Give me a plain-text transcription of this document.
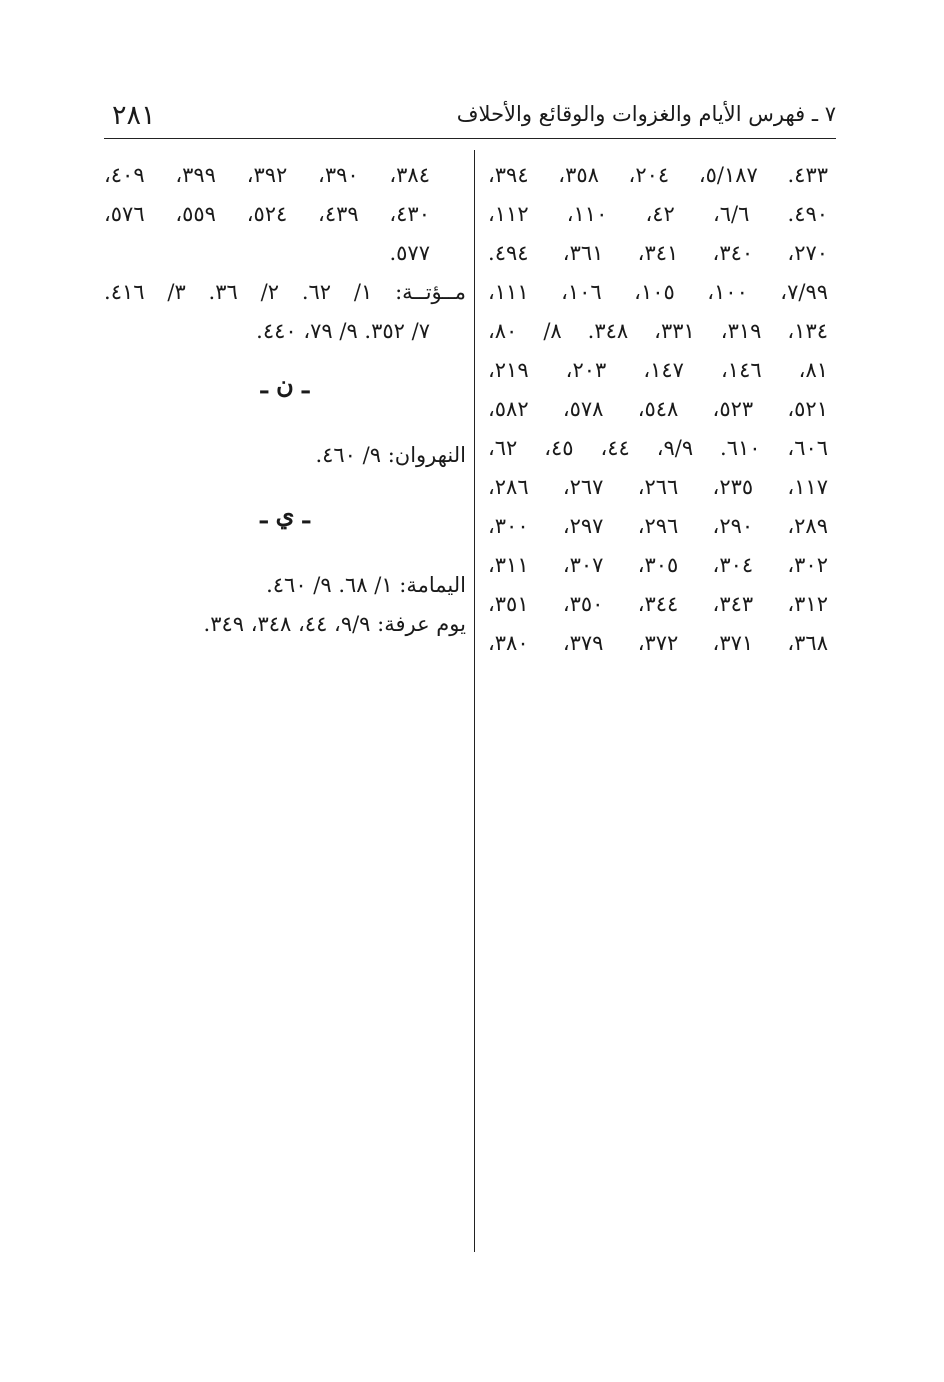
٢٨١	٧ ـ فهرس الأيام والغزوات والوقائع والأحلاف
٤٣٣. ٥/١٨٧، ٢٠٤، ٣٥٨، ٣٩٤،
٤٩٠. ٦/٦، ٤٢، ١١٠، ١١٢،
٢٧٠، ٣٤٠، ٣٤١، ٣٦١، ٤٩٤.
٧/٩٩، ١٠٠، ١٠٥، ١٠٦، ١١١،
١٣٤، ٣١٩، ٣٣١، ٣٤٨. ٨/ ٨٠،
٨١، ١٤٦، ١٤٧، ٢٠٣، ٢١٩،
٥٢١، ٥٢٣، ٥٤٨، ٥٧٨، ٥٨٢،
٦٠٦، ٦١٠. ٩/٩، ٤٤، ٤٥، ٦٢،
١١٧، ٢٣٥، ٢٦٦، ٢٦٧، ٢٨٦،
٢٨٩، ٢٩٠، ٢٩٦، ٢٩٧، ٣٠٠،
٣٠٢، ٣٠٤، ٣٠٥، ٣٠٧، ٣١١،
٣١٢، ٣٤٣، ٣٤٤، ٣٥٠، ٣٥١،
٣٦٨، ٣٧١، ٣٧٢، ٣٧٩، ٣٨٠،
٣٨٤، ٣٩٠، ٣٩٢، ٣٩٩، ٤٠٩،
٤٣٠، ٤٣٩، ٥٢٤، ٥٥٩، ٥٧٦،
٥٧٧.
مــؤتــة: ١/ ٦٢. ٢/ ٣٦. ٣/ ٤١٦.
٧/ ٣٥٢. ٩/ ٧٩، ٤٤٠.
ـ ن ـ
النهروان: ٩/ ٤٦٠.
ـ ي ـ
اليمامة: ١/ ٦٨. ٩/ ٤٦٠.
يوم عرفة: ٩/٩، ٤٤، ٣٤٨، ٣٤٩.
